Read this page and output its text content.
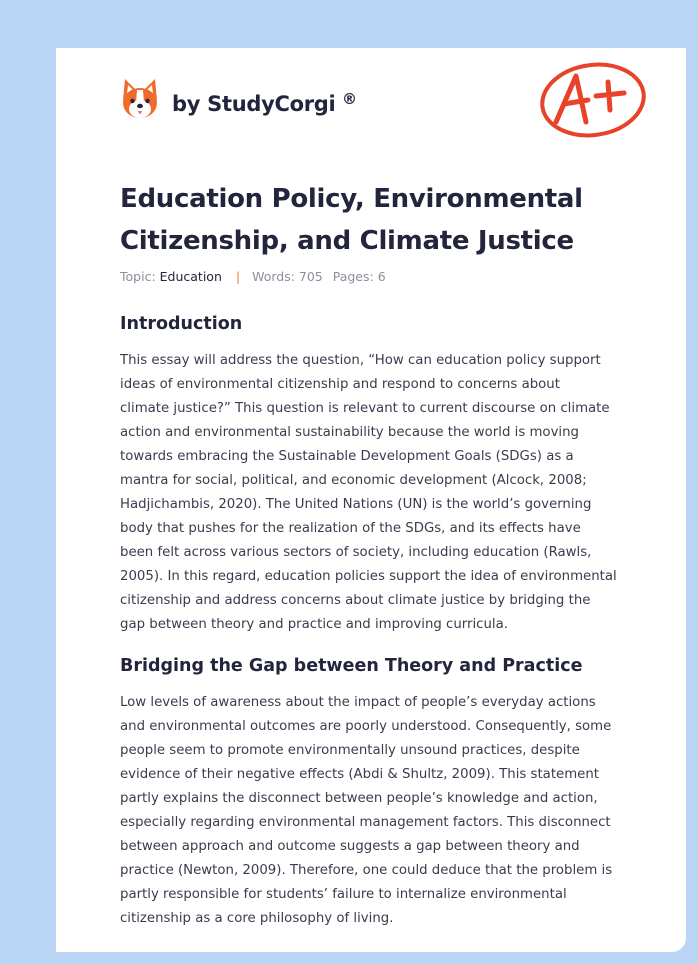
by StudyCorgi ®
A+
Education Policy, Environmental Citizenship, and Climate Justice
Topic: Education | Words: 705 Pages: 6
Introduction

This essay will address the question, “How can education policy support
ideas of environmental citizenship and respond to concerns about
climate justice?” This question is relevant to current discourse on climate
action and environmental sustainability because the world is moving
towards embracing the Sustainable Development Goals (SDGs) as a
mantra for social, political, and economic development (Alcock, 2008;
Hadjichambis, 2020). The United Nations (UN) is the world’s governing
body that pushes for the realization of the SDGs, and its effects have
been felt across various sectors of society, including education (Rawls,
2005). In this regard, education policies support the idea of environmental
citizenship and address concerns about climate justice by bridging the
gap between theory and practice and improving curricula.

Bridging the Gap between Theory and Practice

Low levels of awareness about the impact of people’s everyday actions
and environmental outcomes are poorly understood. Consequently, some
people seem to promote environmentally unsound practices, despite
evidence of their negative effects (Abdi & Shultz, 2009). This statement
partly explains the disconnect between people’s knowledge and action,
especially regarding environmental management factors. This disconnect
between approach and outcome suggests a gap between theory and
practice (Newton, 2009). Therefore, one could deduce that the problem is
partly responsible for students’ failure to internalize environmental
citizenship as a core philosophy of living.
